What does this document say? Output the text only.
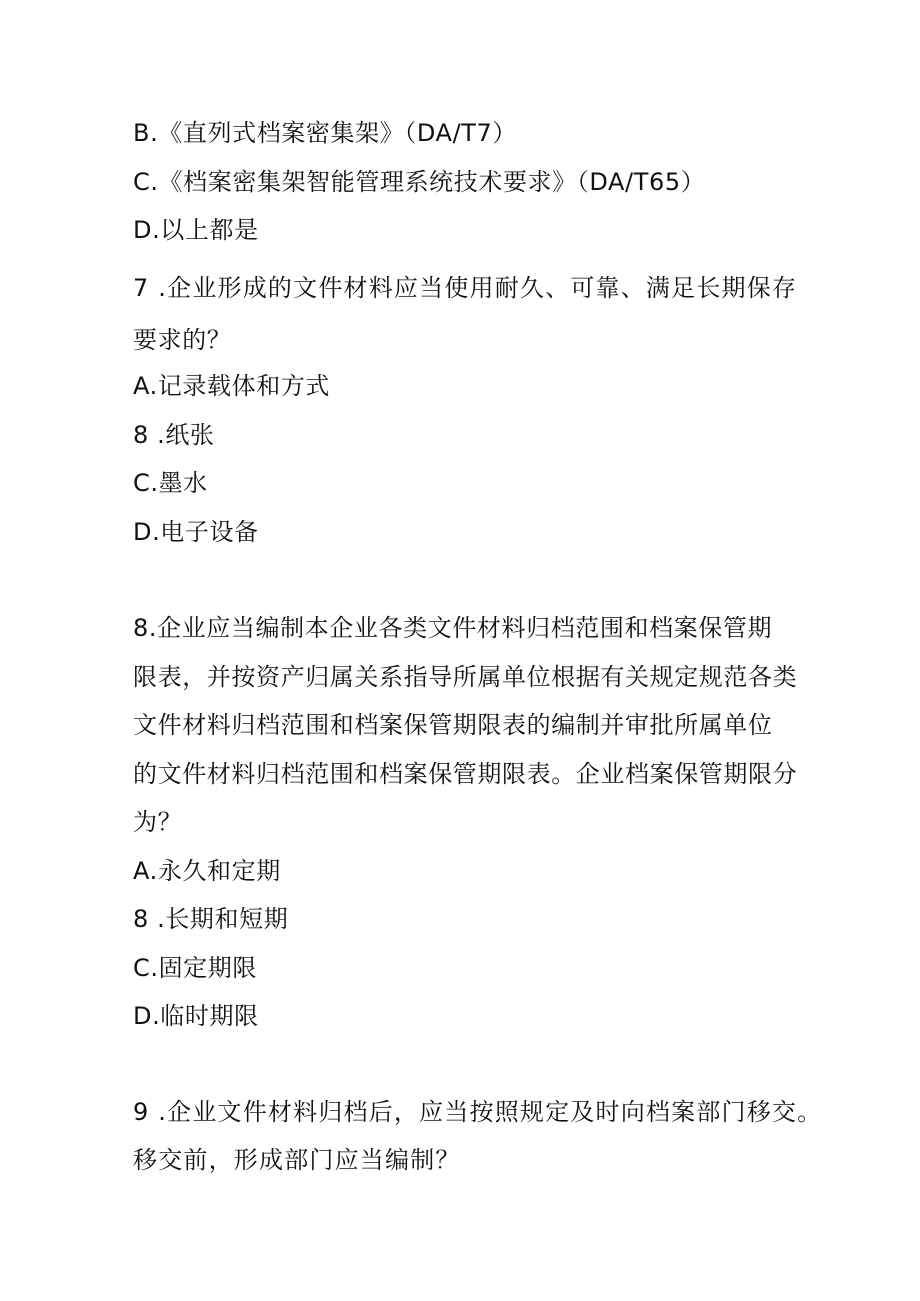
B.《直列式档案密集架》（DA/T7）
C.《档案密集架智能管理系统技术要求》（DA/T65）
D.以上都是
7 .企业形成的文件材料应当使用耐久、可靠、满足长期保存
要求的？
A.记录载体和方式
8 .纸张
C.墨水
D.电子设备
8.企业应当编制本企业各类文件材料归档范围和档案保管期
限表，并按资产归属关系指导所属单位根据有关规定规范各类
文件材料归档范围和档案保管期限表的编制并审批所属单位
的文件材料归档范围和档案保管期限表。企业档案保管期限分
为？
A.永久和定期
8 .长期和短期
C.固定期限
D.临时期限
9 .企业文件材料归档后，应当按照规定及时向档案部门移交。
移交前，形成部门应当编制？
